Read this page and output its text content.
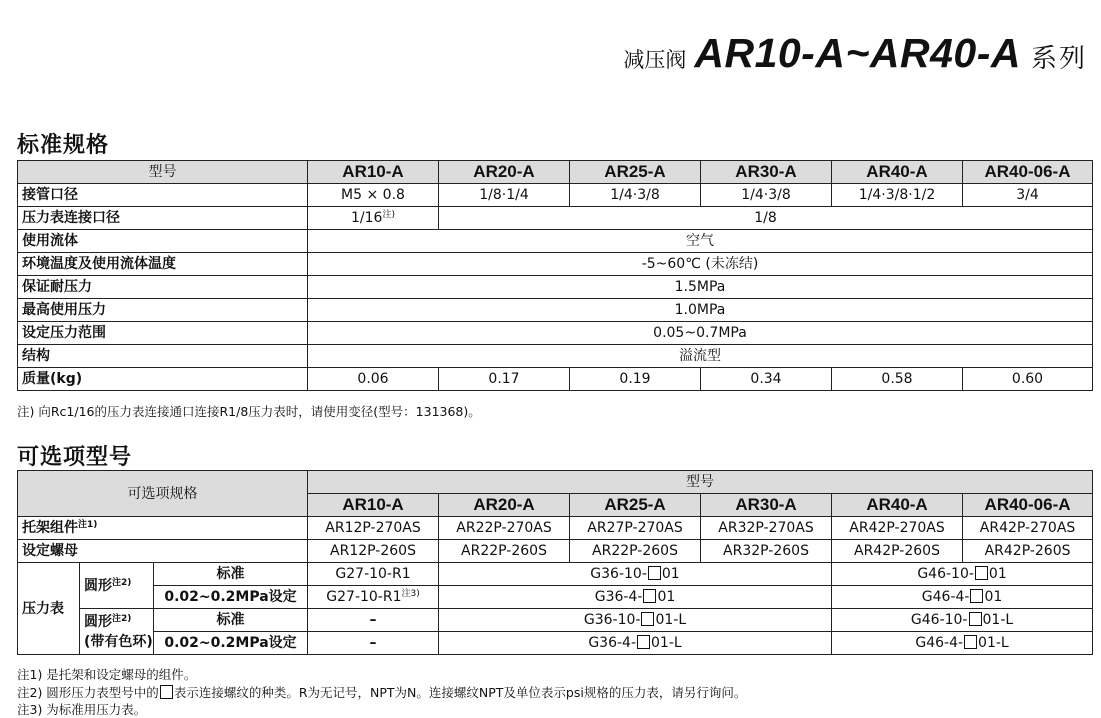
减压阀 AR10-A~AR40-A 系列
标准规格
型号	AR10-A	AR20-A	AR25-A	AR30-A	AR40-A	AR40-06-A
接管口径	M5 × 0.8	1/8·1/4	1/4·3/8	1/4·3/8	1/4·3/8·1/2	3/4
压力表连接口径	$1/16^{注)}$	1/8				
使用流体	空气					
环境温度及使用流体温度	-5~60℃ (未冻结)					
保证耐压力	1.5MPa					
最高使用压力	1.0MPa					
设定压力范围	0.05~0.7MPa					
结构	溢流型					
质量(kg)	0.06	0.17	0.19	0.34	0.58	0.60
注) 向Rc1/16的压力表连接通口连接R1/8压力表时，请使用变径(型号：131368)。
可选项型号
可选项规格			型号					
			AR10-A	AR20-A	AR25-A	AR30-A	AR40-A	AR40-06-A
托架组件$^{注1)}$			AR12P-270AS	AR22P-270AS	AR27P-270AS	AR32P-270AS	AR42P-270AS	AR42P-270AS
设定螺母			AR12P-260S	AR22P-260S	AR22P-260S	AR32P-260S	AR42P-260S	AR42P-260S
压力表	圆形$^{注2)}$	标准	G27-10-R1	G36-10- 01			G46-10- 01	
		0.02~0.2MPa设定	G27-10-R1$^{注3)}$	G36-4- 01			G46-4- 01	
	圆形$^{注2)}$
(带有色环)	标准	–	G36-10- 01-L			G46-10- 01-L	
		0.02~0.2MPa设定	–	G36-4- 01-L			G46-4- 01-L	
注1) 是托架和设定螺母的组件。
注2) 圆形压力表型号中的 表示连接螺纹的种类。R为无记号，NPT为N。连接螺纹NPT及单位表示psi规格的压力表，请另行询问。
注3) 为标准用压力表。
